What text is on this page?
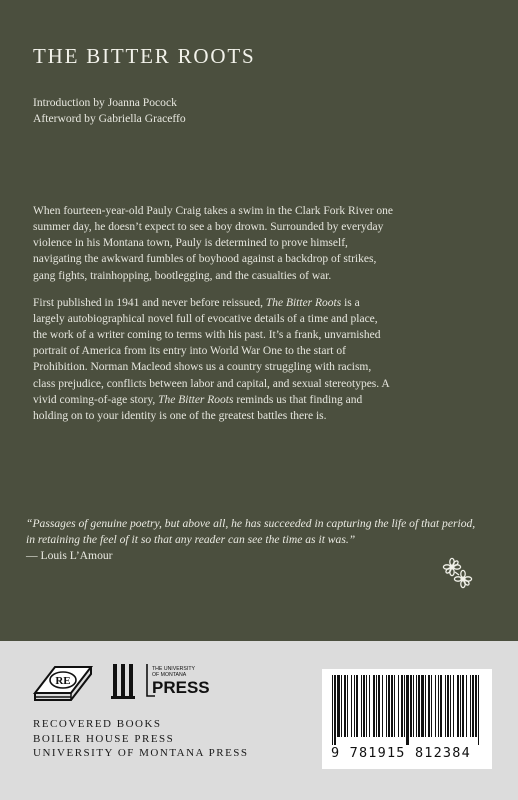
THE BITTER ROOTS
Introduction by Joanna Pocock
Afterword by Gabriella Graceffo

When fourteen-year-old Pauly Craig takes a swim in the Clark Fork River one summer day, he doesn’t expect to see a boy drown. Surrounded by everyday violence in his Montana town, Pauly is determined to prove himself, navigating the awkward fumbles of boyhood against a backdrop of strikes, gang fights, trainhopping, bootlegging, and the casualties of war.

First published in 1941 and never before reissued, The Bitter Roots is a largely autobiographical novel full of evocative details of a time and place, the work of a writer coming to terms with his past. It’s a frank, unvarnished portrait of America from its entry into World War One to the start of Prohibition. Norman Macleod shows us a country struggling with racism, class prejudice, conflicts between labor and capital, and sexual stereotypes. A vivid coming-of-age story, The Bitter Roots reminds us that finding and holding on to your identity is one of the greatest battles there is.

“Passages of genuine poetry, but above all, he has succeeded in capturing the life of that period, in retaining the feel of it so that any reader can see the time as it was.”
— Louis L’Amour
RE
THE UNIVERSITY
OF MONTANA
PRESS
RECOVERED BOOKS
BOILER HOUSE PRESS
UNIVERSITY OF MONTANA PRESS	9 781915 812384
